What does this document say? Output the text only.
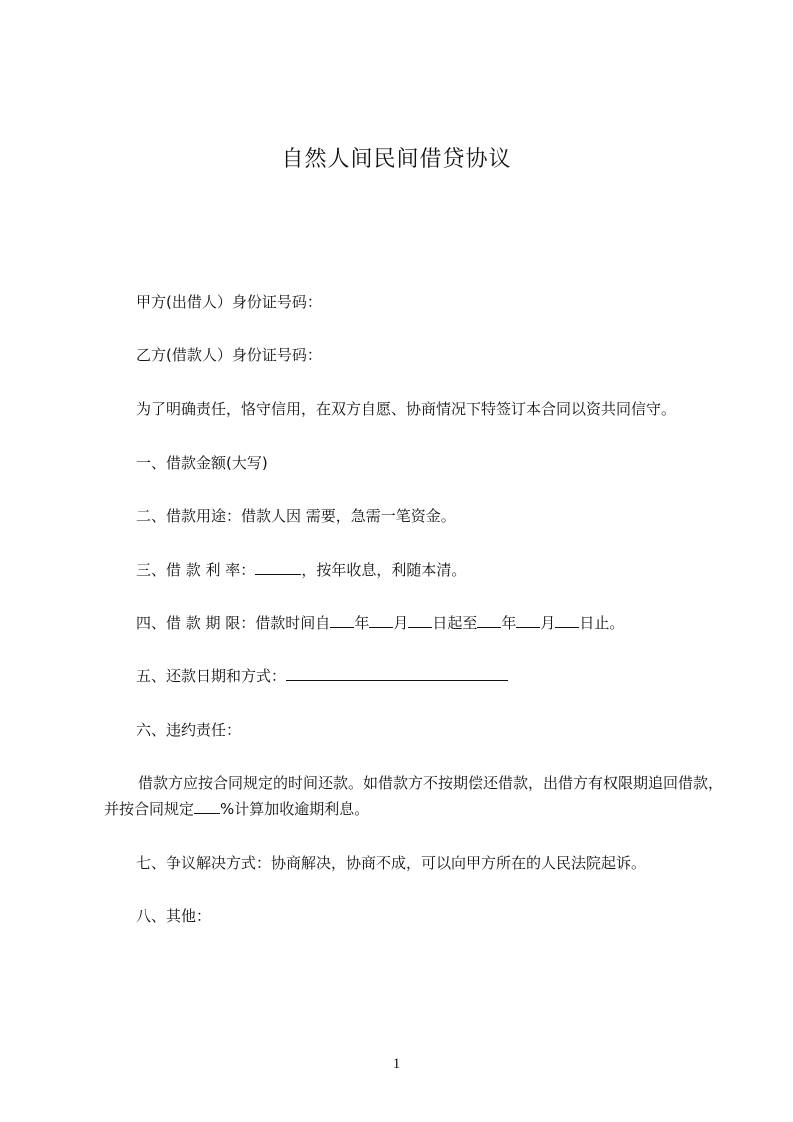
自然人间民间借贷协议
甲方(出借人）身份证号码：
乙方(借款人）身份证号码：
为了明确责任，恪守信用，在双方自愿、协商情况下特签订本合同以资共同信守。
一、借款金额(大写)
二、借款用途：借款人因 需要，急需一笔资金。
三、借 款 利 率：	，按年收息，利随本清。
四、借 款 期 限：借款时间自 年 月 日起至 年 月 日止。
五、还款日期和方式：
六、违约责任：
借款方应按合同规定的时间还款。如借款方不按期偿还借款，出借方有权限期追回借款，并按合同规定 %计算加收逾期利息。
七、争议解决方式：协商解决，协商不成，可以向甲方所在的人民法院起诉。
八、其他：
1
